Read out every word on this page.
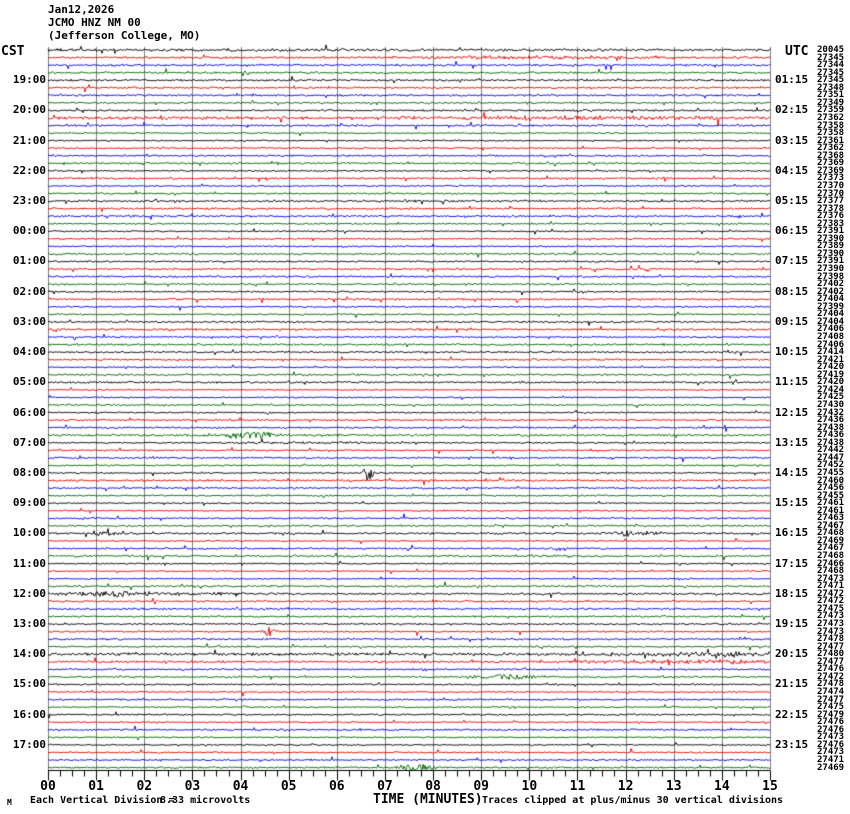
Jan12,2026
JCMO HNZ NM 00
(Jefferson College, MO)
CST	UTC
19:00
20:00
21:00
22:00
23:00
00:00
01:00
02:00
03:00
04:00
05:00
06:00
07:00
08:00
09:00
10:00
11:00
12:00
13:00
14:00
15:00
16:00
17:00
01:15
02:15
03:15
04:15
05:15
06:15
07:15
08:15
09:15
10:15
11:15
12:15
13:15
14:15
15:15
16:15
17:15
18:15
19:15
20:15
21:15
22:15
23:15
20045
27345
27344
27345
27345
27348
27351
27349
27359
27362
27358
27358
27361
27362
27368
27369
27369
27373
27370
27370
27377
27378
27376
27383
27391
27390
27389
27390
27391
27390
27398
27402
27402
27404
27399
27404
27404
27406
27408
27406
27414
27421
27420
27419
27420
27424
27425
27430
27432
27436
27438
27436
27438
27442
27447
27452
27455
27460
27456
27455
27461
27461
27463
27467
27468
27469
27467
27468
27466
27468
27473
27471
27472
27472
27475
27473
27473
27473
27478
27477
27480
27477
27476
27472
27478
27474
27477
27475
27479
27476
27476
27473
27476
27473
27471
27469
00 01 02 03 04 05 06 07 08 09 10 11 12 13 14 15
TIME (MINUTES)
M Each Vertical Division =
8.33 microvolts	Traces clipped at plus/minus 30 vertical divisions
